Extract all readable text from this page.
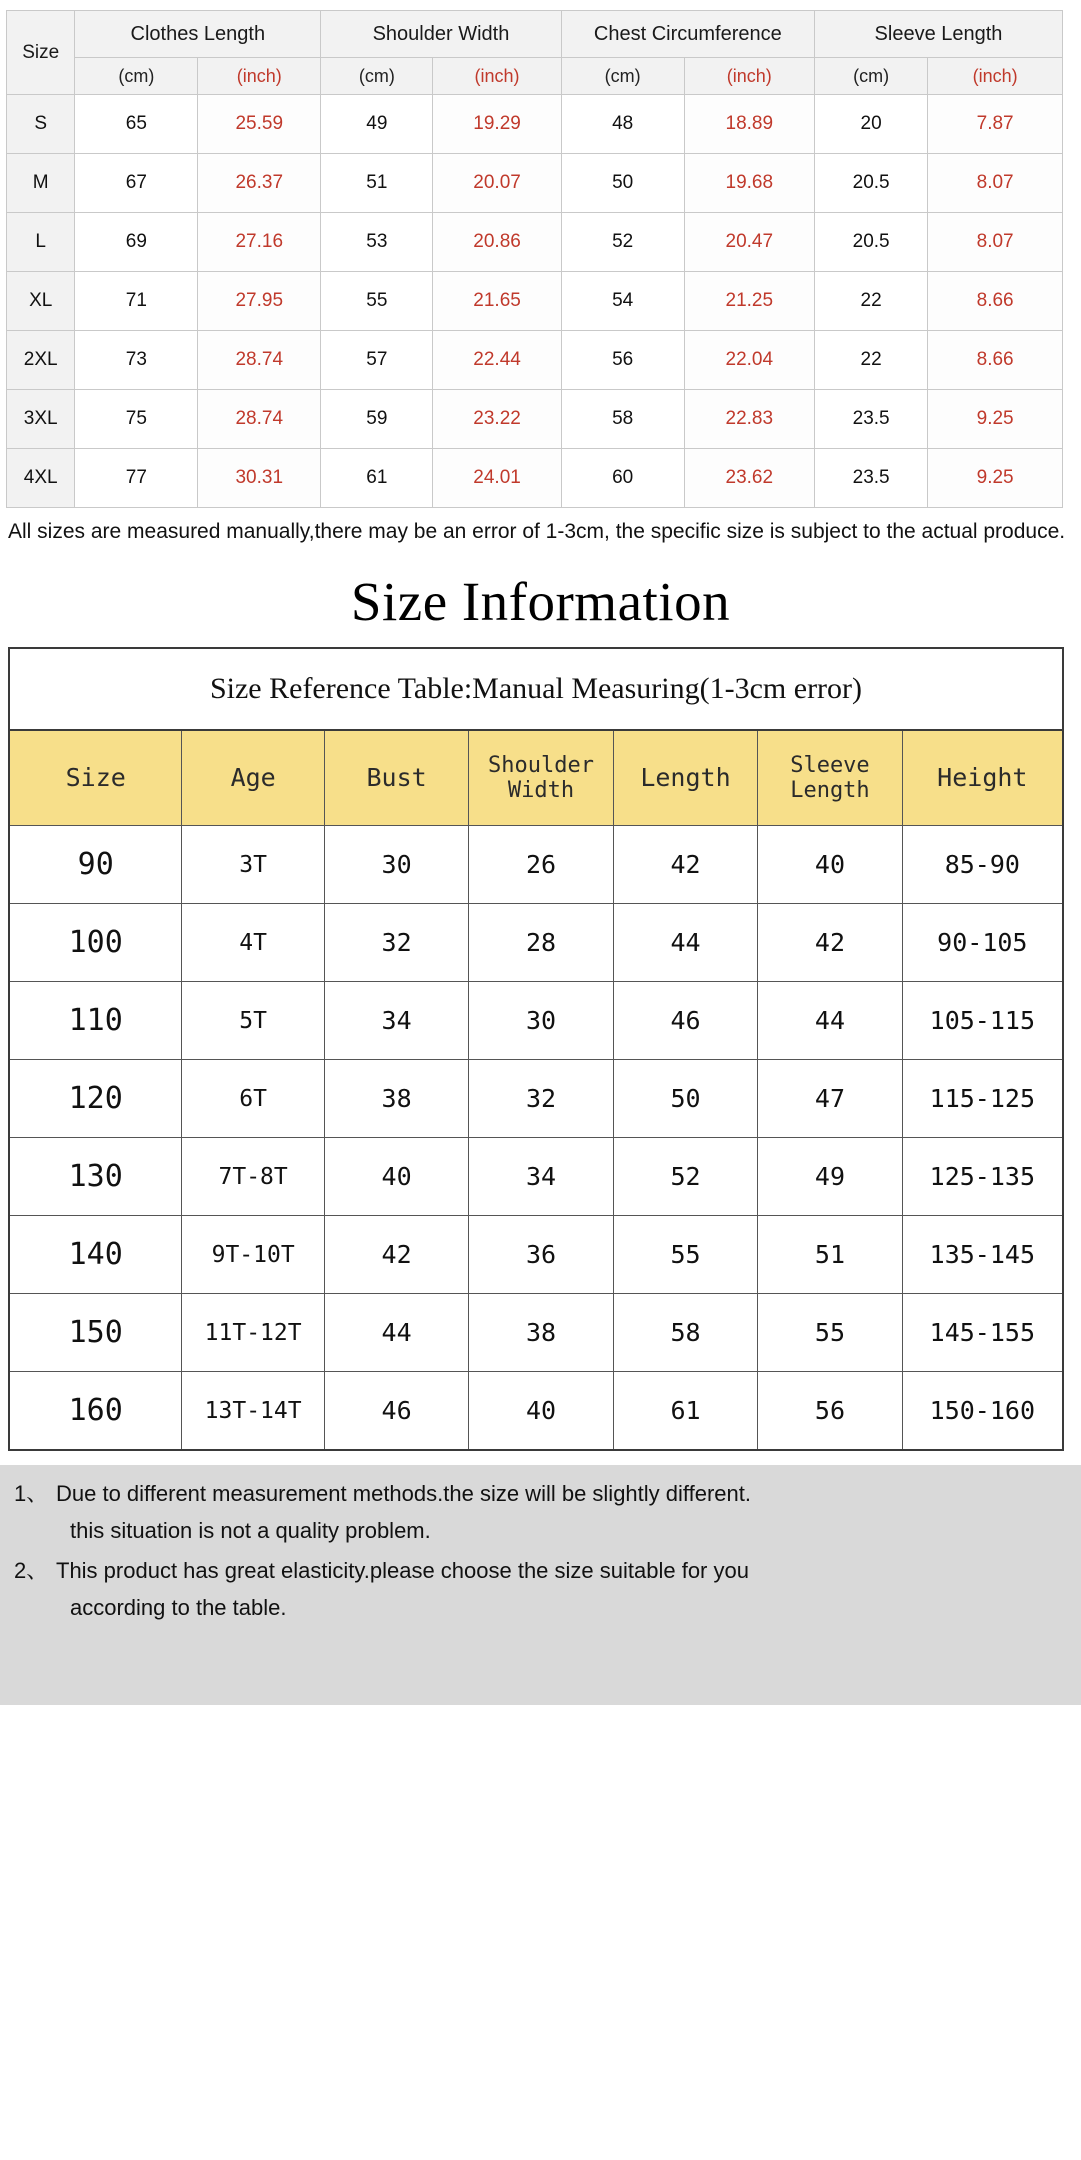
Size	Clothes Length		Shoulder Width		Chest Circumference		Sleeve Length	
	(cm)	(inch)	(cm)	(inch)	(cm)	(inch)	(cm)	(inch)
S	65	25.59	49	19.29	48	18.89	20	7.87
M	67	26.37	51	20.07	50	19.68	20.5	8.07
L	69	27.16	53	20.86	52	20.47	20.5	8.07
XL	71	27.95	55	21.65	54	21.25	22	8.66
2XL	73	28.74	57	22.44	56	22.04	22	8.66
3XL	75	28.74	59	23.22	58	22.83	23.5	9.25
4XL	77	30.31	61	24.01	60	23.62	23.5	9.25
All sizes are measured manually,there may be an error of 1-3cm, the specific size is subject to the actual produce.
Size Information
Size Reference Table:Manual Measuring(1-3cm error)						
Size	Age	Bust	Shoulder Width	Length	Sleeve Length	Height
90	3T	30	26	42	40	85-90
100	4T	32	28	44	42	90-105
110	5T	34	30	46	44	105-115
120	6T	38	32	50	47	115-125
130	7T-8T	40	34	52	49	125-135
140	9T-10T	42	36	55	51	135-145
150	11T-12T	44	38	58	55	145-155
160	13T-14T	46	40	61	56	150-160
1、 Due to different measurement methods.the size will be slightly different.
this situation is not a quality problem.
2、 This product has great elasticity.please choose the size suitable for you
according to the table.
